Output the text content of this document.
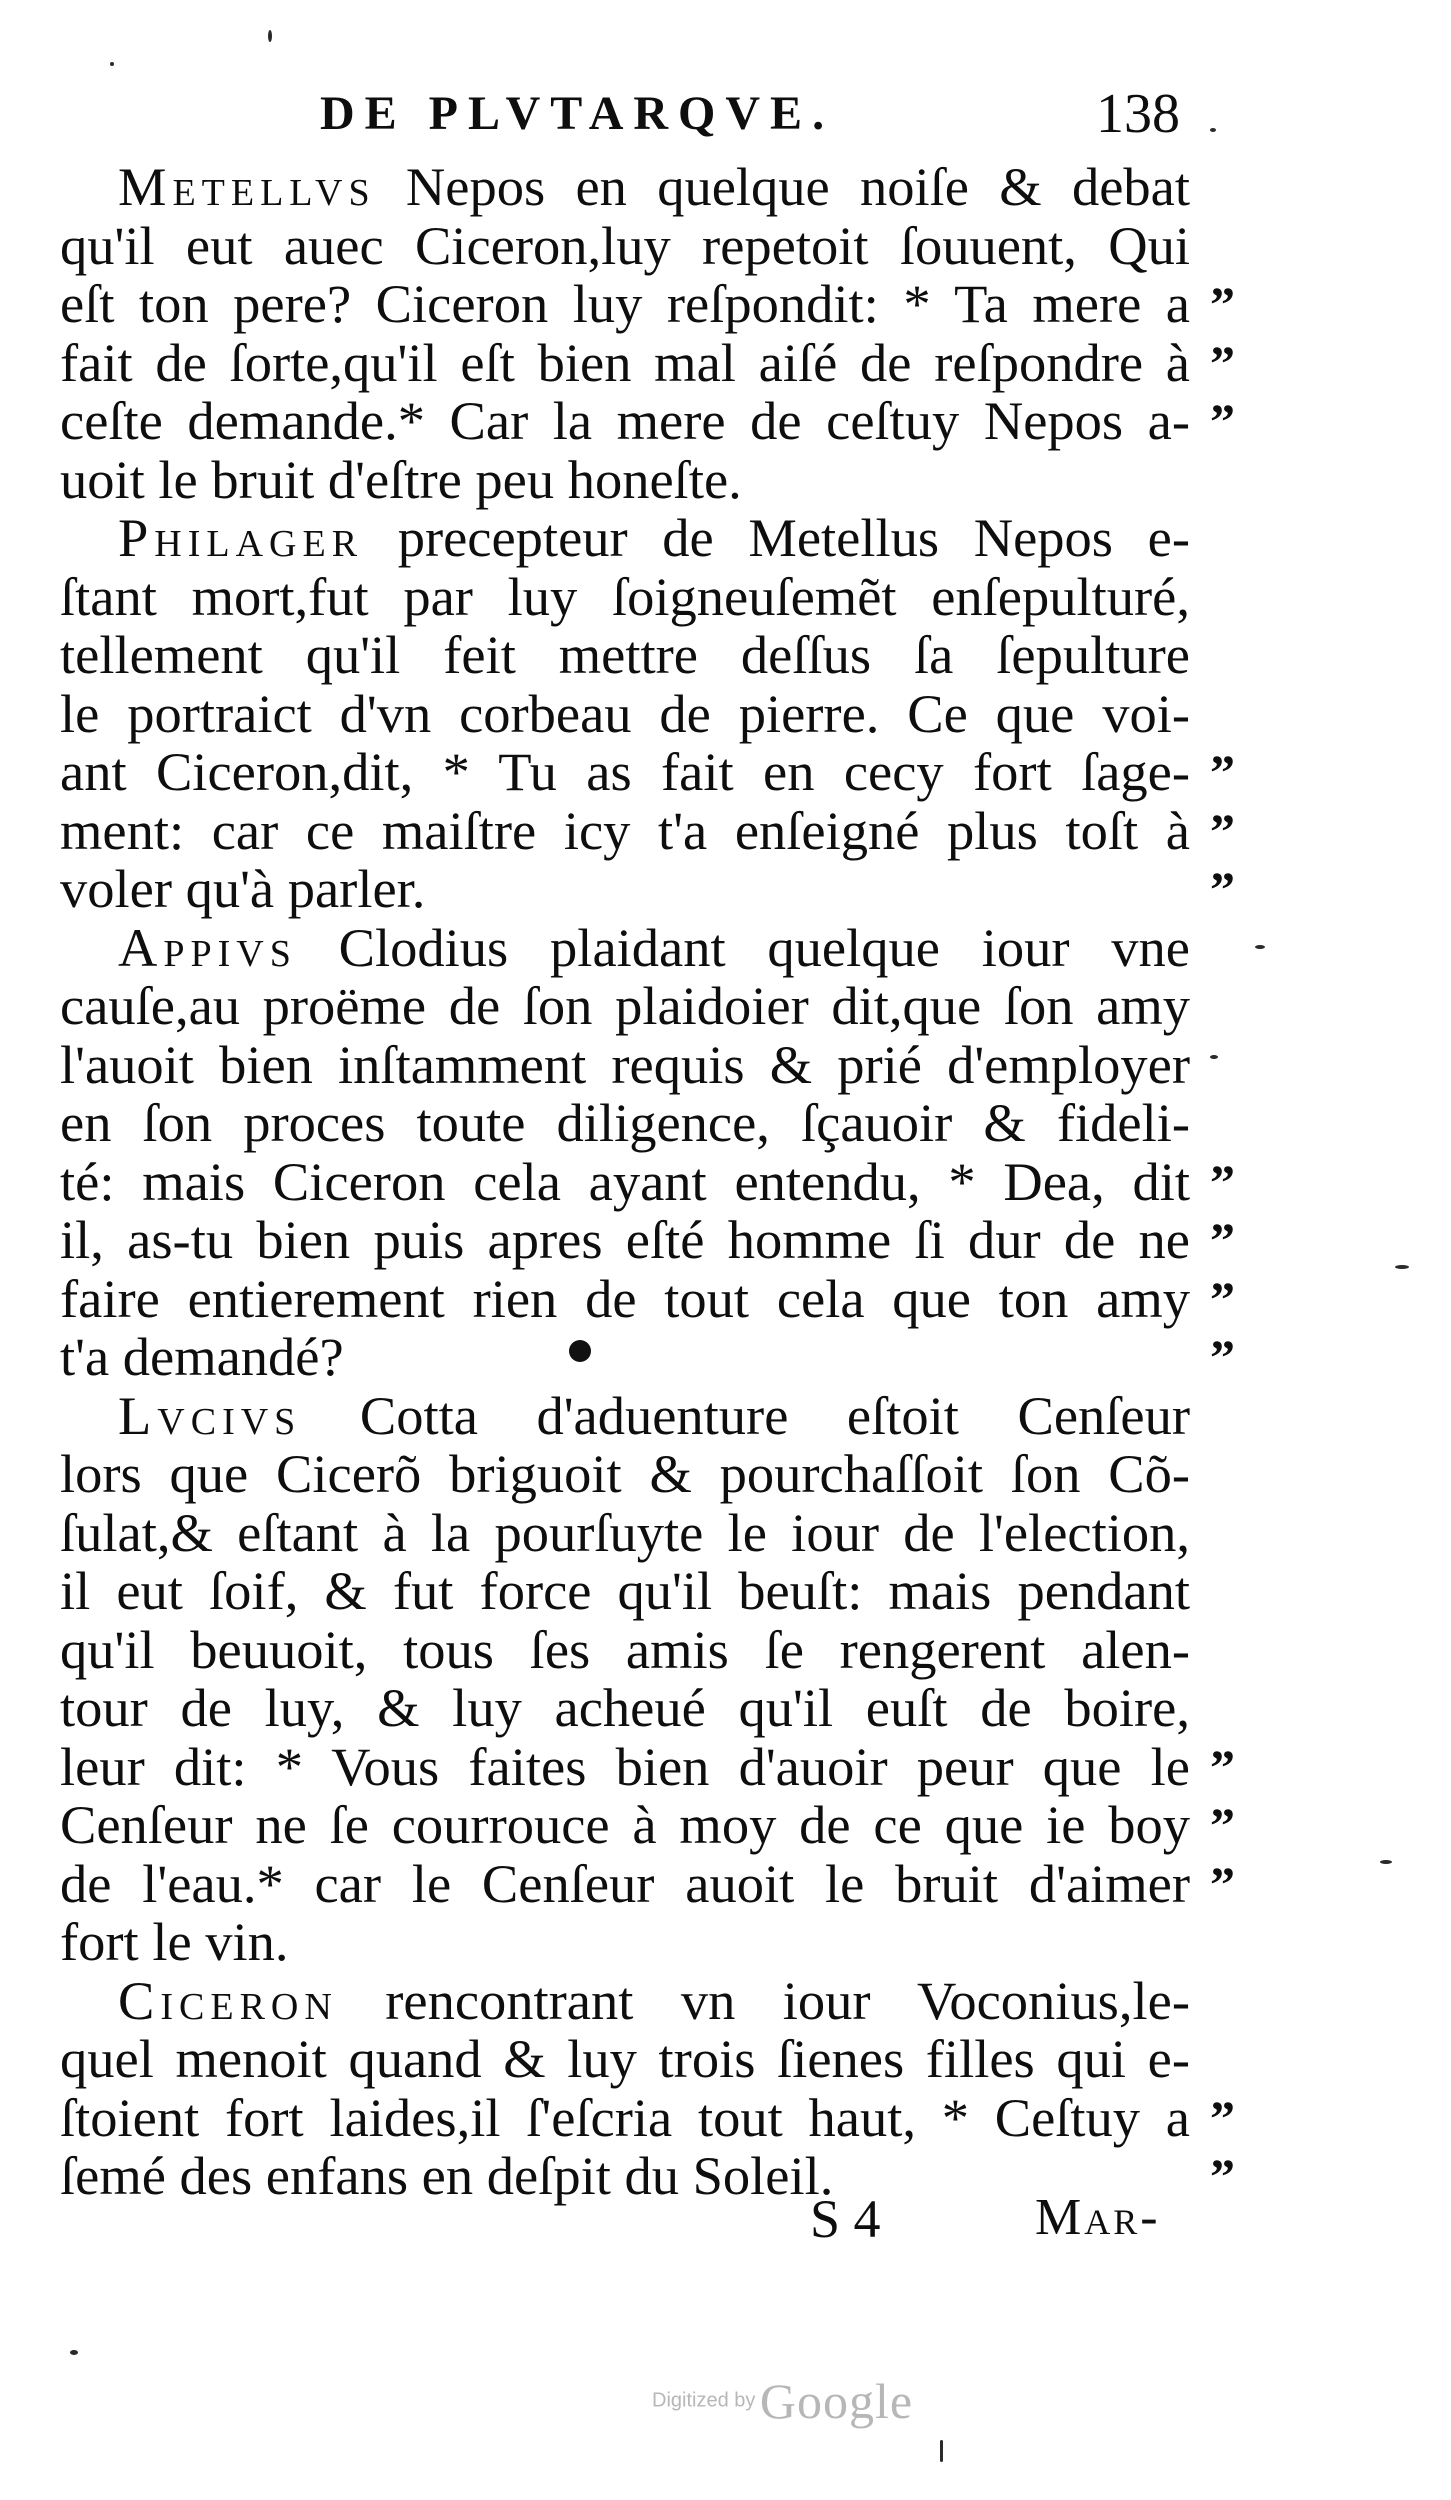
DE PLVTARQVE.	138
Metellvs Nepos en quelque noiſe & debat
qu'il eut auec Ciceron,luy repetoit ſouuent, Qui
eſt ton pere? Ciceron luy reſpondit: * Ta mere a ”
fait de ſorte,qu'il eſt bien mal aiſé de reſpondre à ”
ceſte demande.* Car la mere de ceſtuy Nepos a- ”
uoit le bruit d'eſtre peu honeſte.
Philager precepteur de Metellus Nepos e-
ſtant mort,fut par luy ſoigneuſemẽt enſepulturé,
tellement qu'il feit mettre deſſus ſa ſepulture
le portraict d'vn corbeau de pierre. Ce que voi-
ant Ciceron,dit, * Tu as fait en cecy fort ſage- ”
ment: car ce maiſtre icy t'a enſeigné plus toſt à ”
voler qu'à parler.	”
Appivs Clodius plaidant quelque iour vne
cauſe,au proëme de ſon plaidoier dit,que ſon amy
l'auoit bien inſtamment requis & prié d'employer
en ſon proces toute diligence, ſçauoir & fideli-
té: mais Ciceron cela ayant entendu, * Dea, dit ”
il, as-tu bien puis apres eſté homme ſi dur de ne ”
faire entierement rien de tout cela que ton amy ”
t'a demandé?	”
Lvcivs Cotta d'aduenture eſtoit Cenſeur
lors que Cicerõ briguoit & pourchaſſoit ſon Cõ-
ſulat,& eſtant à la pourſuyte le iour de l'election,
il eut ſoif, & fut force qu'il beuſt: mais pendant
qu'il beuuoit, tous ſes amis ſe rengerent alen-
tour de luy, & luy acheué qu'il euſt de boire,
leur dit: * Vous faites bien d'auoir peur que le ”
Cenſeur ne ſe courrouce à moy de ce que ie boy ”
de l'eau.* car le Cenſeur auoit le bruit d'aimer ”
fort le vin.
Ciceron rencontrant vn iour Voconius,le-
quel menoit quand & luy trois ſienes filles qui e-
ſtoient fort laides,il ſ'eſcria tout haut, * Ceſtuy a ”
ſemé des enfans en deſpit du Soleil.	”
S 4	Mar-
Digitized by Google
